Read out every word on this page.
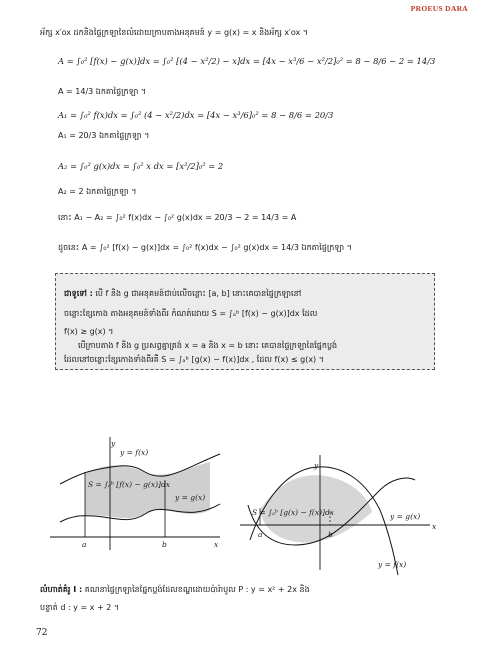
PROEUS DARA
អ័ក្ស x′ox ដកនិងផ្ទៃក្រឡានៃលំដោយក្រាបតាងអនុគមន៍ y = g(x) = x និងអ័ក្ស x′ox ។
A = ∫₀² [f(x) − g(x)]dx = ∫₀² [(4 − x²/2) − x]dx = [4x − x³/6 − x²/2]₀² = 8 − 8/6 − 2 = 14/3
A = 14/3 ឯកតាផ្ទៃក្រឡា ។
A₁ = ∫₀² f(x)dx = ∫₀² (4 − x²/2)dx = [4x − x³/6]₀² = 8 − 8/6 = 20/3
A₁ = 20/3 ឯកតាផ្ទៃក្រឡា ។
A₂ = ∫₀² g(x)dx = ∫₀² x dx = [x²/2]₀² = 2
A₂ = 2 ឯកតាផ្ទៃក្រឡា ។
នោះ A₁ − A₂ = ∫₀² f(x)dx − ∫₀² g(x)dx = 20/3 − 2 = 14/3 = A
ដូចនេះ A = ∫₀² [f(x) − g(x)]dx = ∫₀² f(x)dx − ∫₀² g(x)dx = 14/3 ឯកតាផ្ទៃក្រឡា ។
ជាទូទៅ : បើ f និង g ជាអនុគមន៍ជាប់លើចន្លោះ [a, b] នោះគេបានផ្ទៃក្រឡានៅ
ចន្លោះខ្សែកោង តាងអនុគមន៍ទាំងពីរ កំណត់ដោយ S = ∫ₐᵇ [f(x) − g(x)]dx ដែល
f(x) ≥ g(x) ។
បើក្រាបតាង f និង g ប្រសព្វគ្នាត្រង់ x = a និង x = b នោះ គេបានផ្ទៃក្រឡានៃផ្នែកប្លង់
ដែលនៅចន្លោះខ្សែកោងទាំងពីរគឺ S = ∫ₐᵇ [g(x) − f(x)]dx , ដែល f(x) ≤ g(x) ។
y
x
y = f(x)
y = g(x)
S = ∫ₐᵇ [f(x) − g(x)]dx
a	b
y
x
y = f(x)
y = g(x)
S = ∫ₐᵇ [g(x) − f(x)]dx
a	b
លំហាត់គំរូ I : គណនាផ្ទៃក្រឡានៃផ្នែកប្លង់ដែលខណ្ឌដោយប៉ារ៉ាបូល P : y = x² + 2x និង
បន្ទាត់ d : y = x + 2 ។
72
